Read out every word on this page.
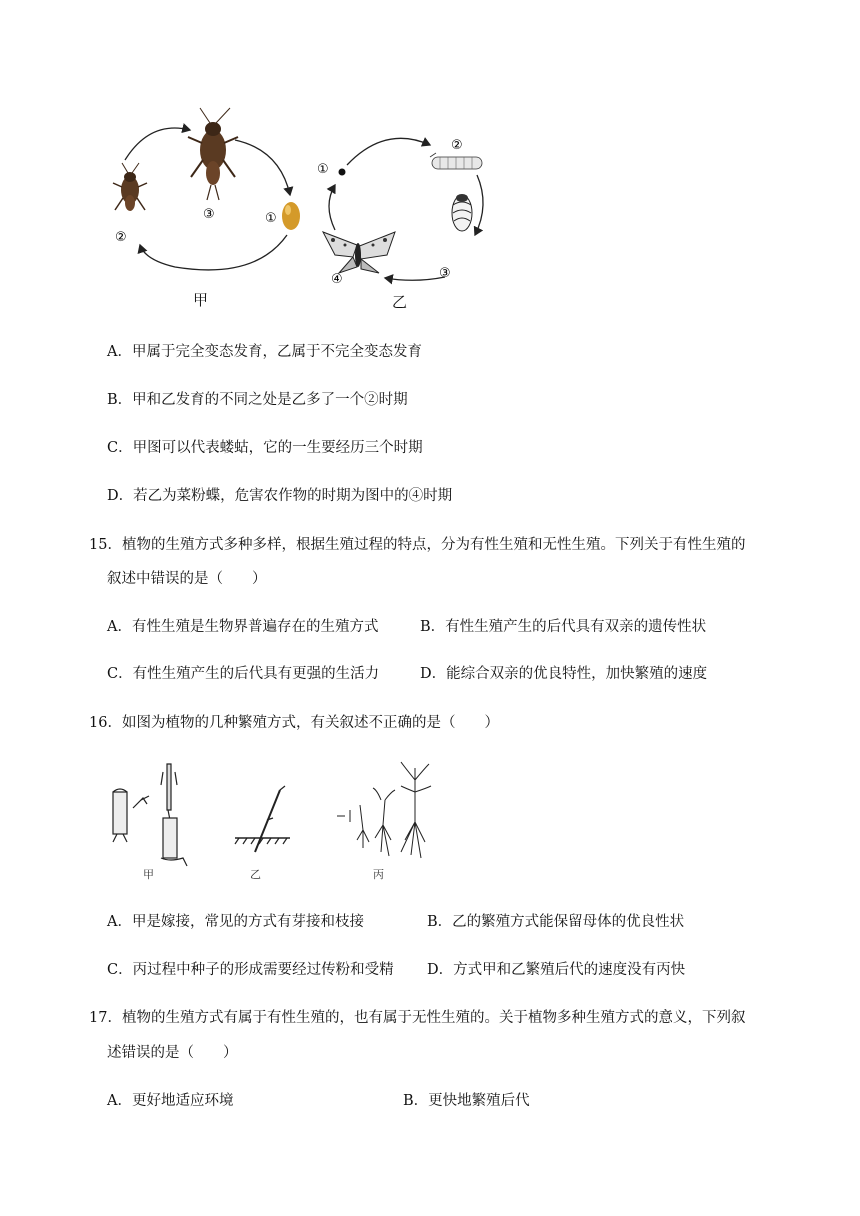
②
③	①
甲
①
②
③
④
乙
A．甲属于完全变态发育，乙属于不完全变态发育
B．甲和乙发育的不同之处是乙多了一个②时期
C．甲图可以代表蝼蛄，它的一生要经历三个时期
D．若乙为菜粉蝶，危害农作物的时期为图中的④时期
15．植物的生殖方式多种多样，根据生殖过程的特点，分为有性生殖和无性生殖。下列关于有性生殖的
叙述中错误的是（　　）
A．有性生殖是生物界普遍存在的生殖方式	B．有性生殖产生的后代具有双亲的遗传性状
C．有性生殖产生的后代具有更强的生活力	D．能综合双亲的优良特性，加快繁殖的速度
16．如图为植物的几种繁殖方式，有关叙述不正确的是（　　）
甲	乙	丙
A．甲是嫁接，常见的方式有芽接和枝接	B．乙的繁殖方式能保留母体的优良性状
C．丙过程中种子的形成需要经过传粉和受精 D．方式甲和乙繁殖后代的速度没有丙快
17．植物的生殖方式有属于有性生殖的，也有属于无性生殖的。关于植物多种生殖方式的意义，下列叙
述错误的是（　　）
A．更好地适应环境	B．更快地繁殖后代
